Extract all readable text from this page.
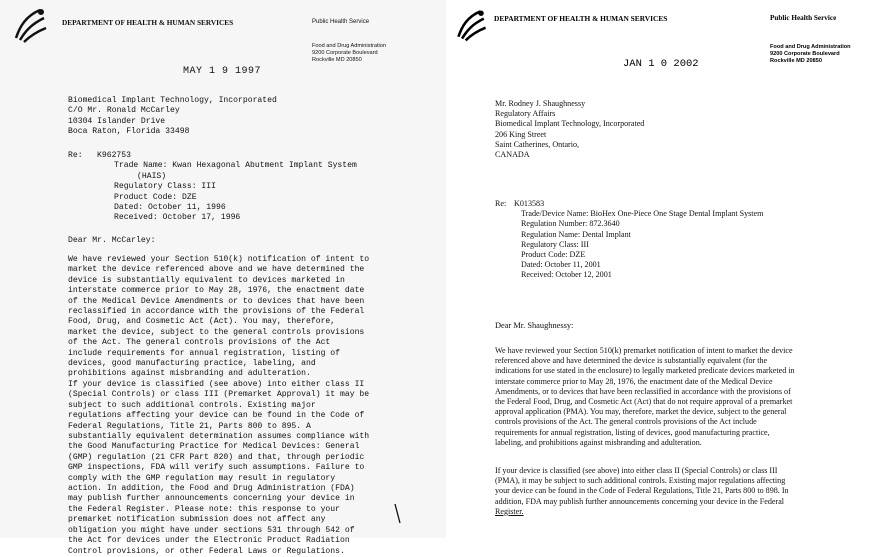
DEPARTMENT OF HEALTH & HUMAN SERVICES	Public Health Service
Food and Drug Administration
9200 Corporate Boulevard
Rockville MD 20850
MAY 1 9 1997
Biomedical Implant Technology, Incorporated
C/O Mr. Ronald McCarley
10304 Islander Drive
Boca Raton, Florida 33498
Re: K962753
Trade Name: Kwan Hexagonal Abutment Implant System
(HAIS)
Regulatory Class: III
Product Code: DZE
Dated: October 11, 1996
Received: October 17, 1996
Dear Mr. McCarley:
We have reviewed your Section 510(k) notification of intent to
market the device referenced above and we have determined the
device is substantially equivalent to devices marketed in
interstate commerce prior to May 28, 1976, the enactment date
of the Medical Device Amendments or to devices that have been
reclassified in accordance with the provisions of the Federal
Food, Drug, and Cosmetic Act (Act). You may, therefore,
market the device, subject to the general controls provisions
of the Act. The general controls provisions of the Act
include requirements for annual registration, listing of
devices, good manufacturing practice, labeling, and
prohibitions against misbranding and adulteration.
If your device is classified (see above) into either class II
(Special Controls) or class III (Premarket Approval) it may be
subject to such additional controls. Existing major
regulations affecting your device can be found in the Code of
Federal Regulations, Title 21, Parts 800 to 895. A
substantially equivalent determination assumes compliance with
the Good Manufacturing Practice for Medical Devices: General
(GMP) regulation (21 CFR Part 820) and that, through periodic
GMP inspections, FDA will verify such assumptions. Failure to
comply with the GMP regulation may result in regulatory
action. In addition, the Food and Drug Administration (FDA)
may publish further announcements concerning your device in
the Federal Register. Please note: this response to your
premarket notification submission does not affect any
obligation you might have under sections 531 through 542 of
the Act for devices under the Electronic Product Radiation
Control provisions, or other Federal Laws or Regulations.
DEPARTMENT OF HEALTH & HUMAN SERVICES	Public Health Service
Food and Drug Administration
9200 Corporate Boulevard
Rockville MD 20850
JAN 1 0 2002
Mr. Rodney J. Shaughnessy
Regulatory Affairs
Biomedical Implant Technology, Incorporated
206 King Street
Saint Catherines, Ontario,
CANADA
Re: K013583
Trade/Device Name: BioHex One-Piece One Stage Dental Implant System
Regulation Number: 872.3640
Regulation Name: Dental Implant
Regulatory Class: III
Product Code: DZE
Dated: October 11, 2001
Received: October 12, 2001
Dear Mr. Shaughnessy:
We have reviewed your Section 510(k) premarket notification of intent to market the device
referenced above and have determined the device is substantially equivalent (for the
indications for use stated in the enclosure) to legally marketed predicate devices marketed in
interstate commerce prior to May 28, 1976, the enactment date of the Medical Device
Amendments, or to devices that have been reclassified in accordance with the provisions of
the Federal Food, Drug, and Cosmetic Act (Act) that do not require approval of a premarket
approval application (PMA). You may, therefore, market the device, subject to the general
controls provisions of the Act. The general controls provisions of the Act include
requirements for annual registration, listing of devices, good manufacturing practice,
labeling, and prohibitions against misbranding and adulteration.
If your device is classified (see above) into either class II (Special Controls) or class III
(PMA), it may be subject to such additional controls. Existing major regulations affecting
your device can be found in the Code of Federal Regulations, Title 21, Parts 800 to 898. In
addition, FDA may publish further announcements concerning your device in the Federal
Register.
